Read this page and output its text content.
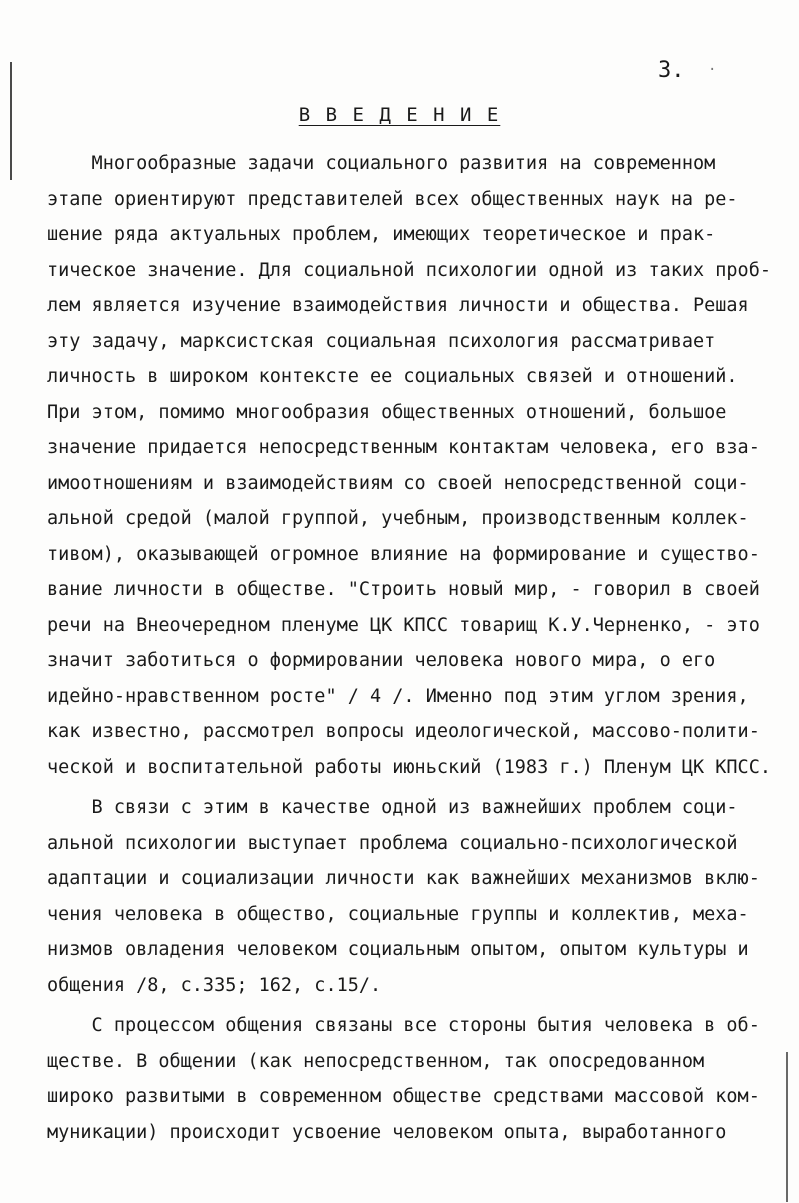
3. ·
В В Е Д Е Н И Е
Многообразные задачи социального развития на современном
этапе ориентируют представителей всех общественных наук на ре-
шение ряда актуальных проблем, имеющих теоретическое и прак-
тическое значение. Для социальной психологии одной из таких проб-
лем является изучение взаимодействия личности и общества. Решая
эту задачу, марксистская социальная психология рассматривает
личность в широком контексте ее социальных связей и отношений.
При этом, помимо многообразия общественных отношений, большое
значение придается непосредственным контактам человека, его вза-
имоотношениям и взаимодействиям со своей непосредственной соци-
альной средой (малой группой, учебным, производственным коллек-
тивом), оказывающей огромное влияние на формирование и существо-
вание личности в обществе. "Строить новый мир, - говорил в своей
речи на Внеочередном пленуме ЦК КПСС товарищ К.У.Черненко, - это
значит заботиться о формировании человека нового мира, о его
идейно-нравственном росте" / 4 /. Именно под этим углом зрения,
как известно, рассмотрел вопросы идеологической, массово-полити-
ческой и воспитательной работы июньский (1983 г.) Пленум ЦК КПСС.
В связи с этим в качестве одной из важнейших проблем соци-
альной психологии выступает проблема социально-психологической
адаптации и социализации личности как важнейших механизмов вклю-
чения человека в общество, социальные группы и коллектив, меха-
низмов овладения человеком социальным опытом, опытом культуры и
общения /8, с.335; 162, с.15/.
С процессом общения связаны все стороны бытия человека в об-
ществе. В общении (как непосредственном, так опосредованном
широко развитыми в современном обществе средствами массовой ком-
муникации) происходит усвоение человеком опыта, выработанного
